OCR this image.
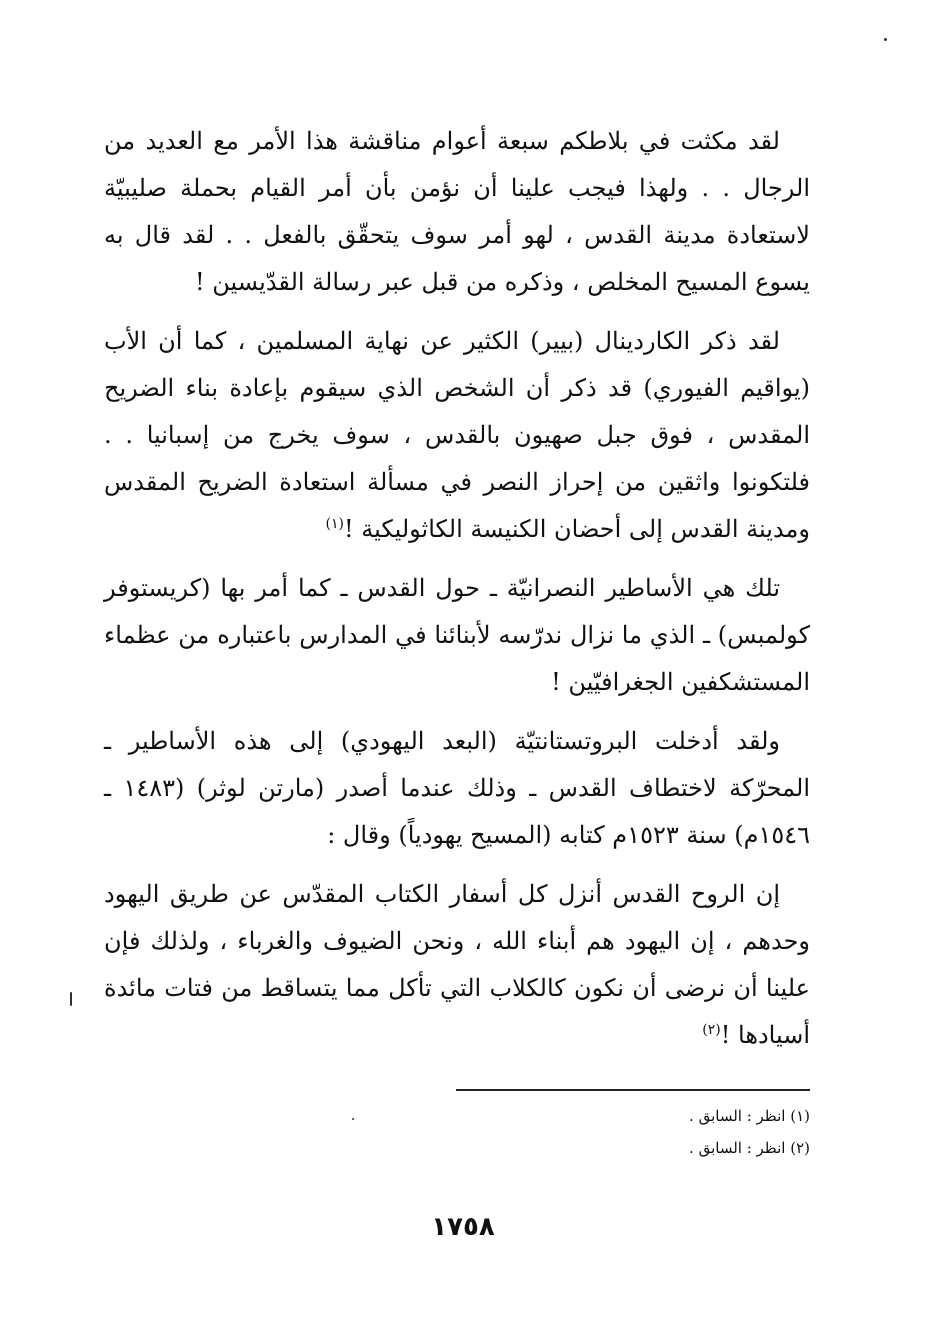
لقد مكثت في بلاطكم سبعة أعوام مناقشة هذا الأمر مع العديد من الرجال . . ولهذا فيجب علينا أن نؤمن بأن أمر القيام بحملة صليبيّة لاستعادة مدينة القدس ، لهو أمر سوف يتحقّق بالفعل . . لقد قال به يسوع المسيح المخلص ، وذكره من قبل عبر رسالة القدّيسين !

لقد ذكر الكاردينال (بيير) الكثير عن نهاية المسلمين ، كما أن الأب (يواقيم الفيوري) قد ذكر أن الشخص الذي سيقوم بإعادة بناء الضريح المقدس ، فوق جبل صهيون بالقدس ، سوف يخرج من إسبانيا . . فلتكونوا واثقين من إحراز النصر في مسألة استعادة الضريح المقدس ومدينة القدس إلى أحضان الكنيسة الكاثوليكية !$^{(١)}$

تلك هي الأساطير النصرانيّة ـ حول القدس ـ كما أمر بها (كريستوفر كولمبس) ـ الذي ما نزال ندرّسه لأبنائنا في المدارس باعتباره من عظماء المستشكفين الجغرافيّين !

ولقد أدخلت البروتستانتيّة (البعد اليهودي) إلى هذه الأساطير ـ المحرّكة لاختطاف القدس ـ وذلك عندما أصدر (مارتن لوثر) (١٤٨٣ ـ ١٥٤٦م) سنة ١٥٢٣م كتابه (المسيح يهودياً) وقال :

إن الروح القدس أنزل كل أسفار الكتاب المقدّس عن طريق اليهود وحدهم ، إن اليهود هم أبناء الله ، ونحن الضيوف والغرباء ، ولذلك فإن علينا أن نرضى أن نكون كالكلاب التي تأكل مما يتساقط من فتات مائدة أسيادها !$^{(٢)}$

(١) انظر : السابق .

(٢) انظر : السابق .

١٧٥٨
